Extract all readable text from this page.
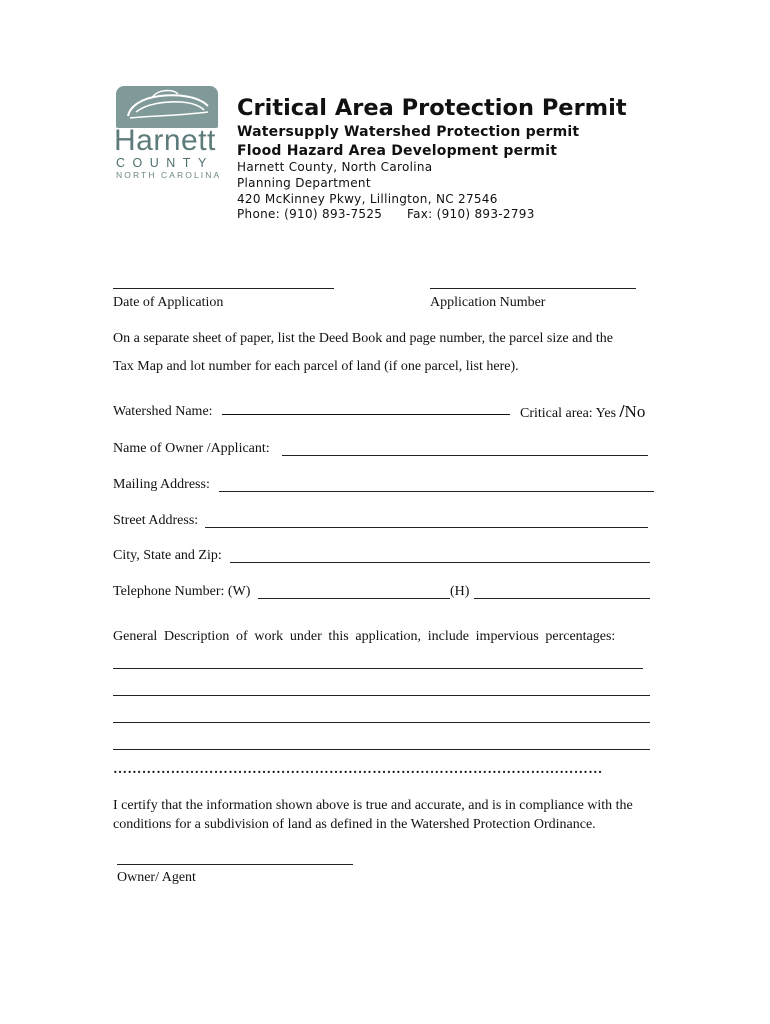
Harnett
COUNTY
NORTH CAROLINA
Critical Area Protection Permit
Watersupply Watershed Protection permit
Flood Hazard Area Development permit
Harnett County, North Carolina
Planning Department
420 McKinney Pkwy, Lillington, NC 27546
Phone: (910) 893-7525 Fax: (910) 893-2793
Date of Application	Application Number
On a separate sheet of paper, list the Deed Book and page number, the parcel size and the
Tax Map and lot number for each parcel of land (if one parcel, list here).
Watershed Name:	Critical area: Yes /No
Name of Owner /Applicant:
Mailing Address:
Street Address:
City, State and Zip:
Telephone Number: (W)	(H)
General Description of work under this application, include impervious percentages:
…………………………………………………………………………………………
I certify that the information shown above is true and accurate, and is in compliance with the
conditions for a subdivision of land as defined in the Watershed Protection Ordinance.
Owner/ Agent
